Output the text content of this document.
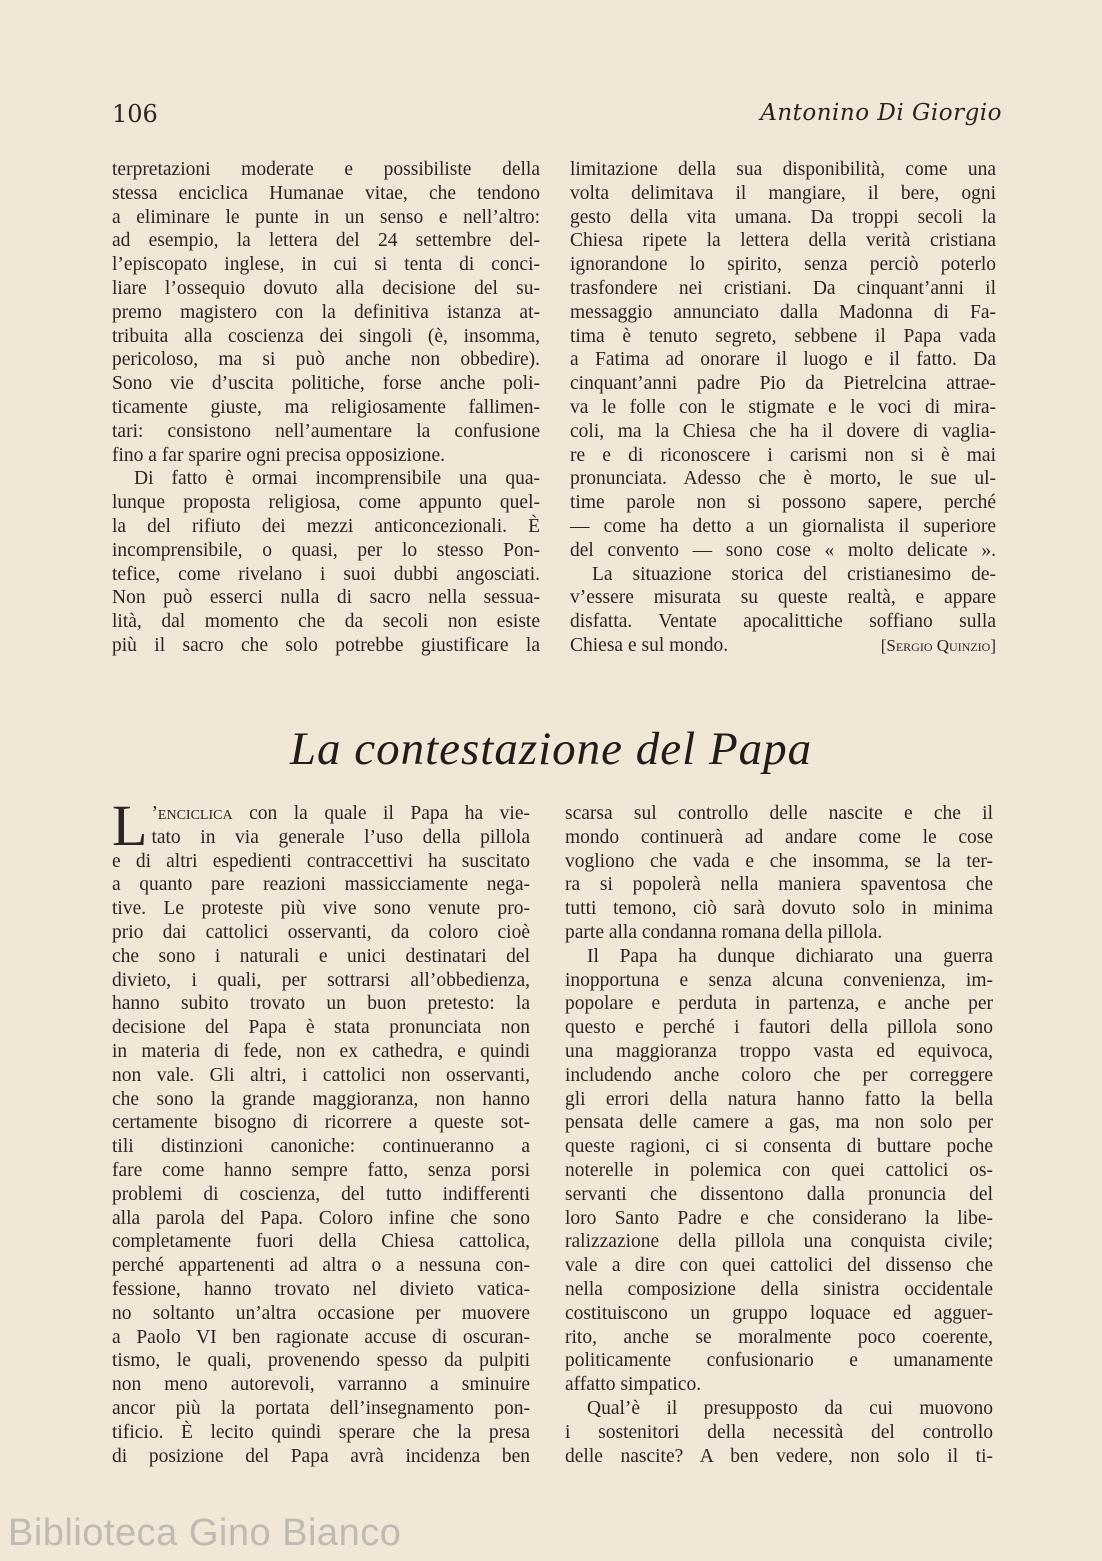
106	Antonino Di Giorgio

terpretazioni moderate e possibiliste della

stessa enciclica Humanae vitae, che tendono

a eliminare le punte in un senso e nell’altro:

ad esempio, la lettera del 24 settembre del-

l’episcopato inglese, in cui si tenta di conci-

liare l’ossequio dovuto alla decisione del su-

premo magistero con la definitiva istanza at-

tribuita alla coscienza dei singoli (è, insomma,

pericoloso, ma si può anche non obbedire).

Sono vie d’uscita politiche, forse anche poli-

ticamente giuste, ma religiosamente fallimen-

tari: consistono nell’aumentare la confusione

fino a far sparire ogni precisa opposizione.

Di fatto è ormai incomprensibile una qua-

lunque proposta religiosa, come appunto quel-

la del rifiuto dei mezzi anticoncezionali. È

incomprensibile, o quasi, per lo stesso Pon-

tefice, come rivelano i suoi dubbi angosciati.

Non può esserci nulla di sacro nella sessua-

lità, dal momento che da secoli non esiste

più il sacro che solo potrebbe giustificare la

limitazione della sua disponibilità, come una

volta delimitava il mangiare, il bere, ogni

gesto della vita umana. Da troppi secoli la

Chiesa ripete la lettera della verità cristiana

ignorandone lo spirito, senza perciò poterlo

trasfondere nei cristiani. Da cinquant’anni il

messaggio annunciato dalla Madonna di Fa-

tima è tenuto segreto, sebbene il Papa vada

a Fatima ad onorare il luogo e il fatto. Da

cinquant’anni padre Pio da Pietrelcina attrae-

va le folle con le stigmate e le voci di mira-

coli, ma la Chiesa che ha il dovere di vaglia-

re e di riconoscere i carismi non si è mai

pronunciata. Adesso che è morto, le sue ul-

time parole non si possono sapere, perché

— come ha detto a un giornalista il superiore

del convento — sono cose « molto delicate ».

La situazione storica del cristianesimo de-

v’essere misurata su queste realtà, e appare

disfatta. Ventate apocalittiche soffiano sulla

Chiesa e sul mondo.	[Sergio Quinzio]

La contestazione del Papa

L ’enciclica con la quale il Papa ha vie-

tato in via generale l’uso della pillola

e di altri espedienti contraccettivi ha suscitato

a quanto pare reazioni massicciamente nega-

tive. Le proteste più vive sono venute pro-

prio dai cattolici osservanti, da coloro cioè

che sono i naturali e unici destinatari del

divieto, i quali, per sottrarsi all’obbedienza,

hanno subito trovato un buon pretesto: la

decisione del Papa è stata pronunciata non

in materia di fede, non ex cathedra, e quindi

non vale. Gli altri, i cattolici non osservanti,

che sono la grande maggioranza, non hanno

certamente bisogno di ricorrere a queste sot-

tili distinzioni canoniche: continueranno a

fare come hanno sempre fatto, senza porsi

problemi di coscienza, del tutto indifferenti

alla parola del Papa. Coloro infine che sono

completamente fuori della Chiesa cattolica,

perché appartenenti ad altra o a nessuna con-

fessione, hanno trovato nel divieto vatica-

no soltanto un’altra occasione per muovere

a Paolo VI ben ragionate accuse di oscuran-

tismo, le quali, provenendo spesso da pulpiti

non meno autorevoli, varranno a sminuire

ancor più la portata dell’insegnamento pon-

tificio. È lecito quindi sperare che la presa

di posizione del Papa avrà incidenza ben

scarsa sul controllo delle nascite e che il

mondo continuerà ad andare come le cose

vogliono che vada e che insomma, se la ter-

ra si popolerà nella maniera spaventosa che

tutti temono, ciò sarà dovuto solo in minima

parte alla condanna romana della pillola.

Il Papa ha dunque dichiarato una guerra

inopportuna e senza alcuna convenienza, im-

popolare e perduta in partenza, e anche per

questo e perché i fautori della pillola sono

una maggioranza troppo vasta ed equivoca,

includendo anche coloro che per correggere

gli errori della natura hanno fatto la bella

pensata delle camere a gas, ma non solo per

queste ragioni, ci si consenta di buttare poche

noterelle in polemica con quei cattolici os-

servanti che dissentono dalla pronuncia del

loro Santo Padre e che considerano la libe-

ralizzazione della pillola una conquista civile;

vale a dire con quei cattolici del dissenso che

nella composizione della sinistra occidentale

costituiscono un gruppo loquace ed agguer-

rito, anche se moralmente poco coerente,

politicamente confusionario e umanamente

affatto simpatico.

Qual’è il presupposto da cui muovono

i sostenitori della necessità del controllo

delle nascite? A ben vedere, non solo il ti-

Biblioteca Gino Bianco
